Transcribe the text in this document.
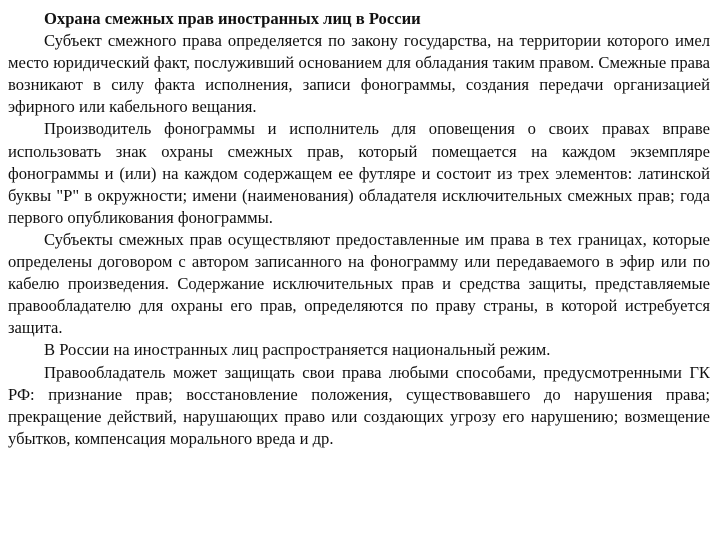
Охрана смежных прав иностранных лиц в России

Субъект смежного права определяется по закону государства, на территории которого имел место юридический факт, послуживший основанием для обладания таким правом. Смежные права возникают в силу факта исполнения, записи фонограммы, создания передачи организацией эфирного или кабельного вещания.

Производитель фонограммы и исполнитель для оповещения о своих правах вправе использовать знак охраны смежных прав, который помещается на каждом экземпляре фонограммы и (или) на каждом содержащем ее футляре и состоит из трех элементов: латинской буквы "Р" в окружности; имени (наименования) обладателя исключительных смежных прав; года первого опубликования фонограммы.

Субъекты смежных прав осуществляют предоставленные им права в тех границах, которые определены договором с автором записанного на фонограмму или передаваемого в эфир или по кабелю произведения. Содержание исключительных прав и средства защиты, представляемые правообладателю для охраны его прав, определяются по праву страны, в которой истребуется защита.

В России на иностранных лиц распространяется национальный режим.

Правообладатель может защищать свои права любыми способами, предусмотренными ГК РФ: признание прав; восстановление положения, существовавшего до нарушения права; прекращение действий, нарушающих право или создающих угрозу его нарушению; возмещение убытков, компенсация морального вреда и др.
